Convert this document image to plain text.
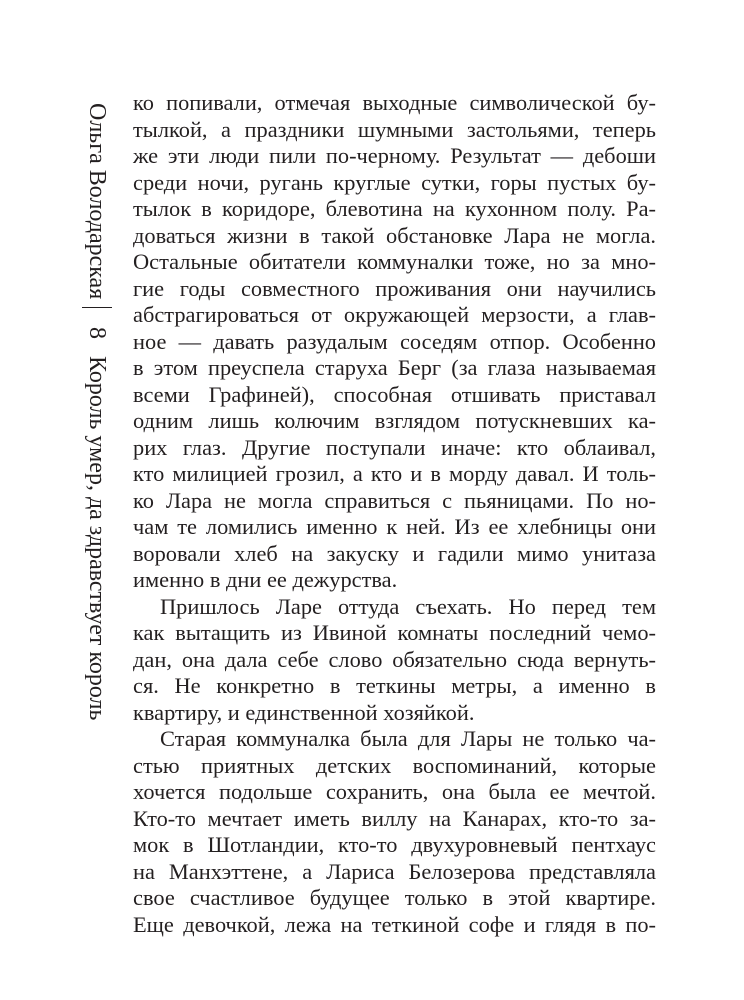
Ольга Володарская
8
Король умер, да здравствует король
ко попивали, отмечая выходные символической бу-
тылкой, а праздники шумными застольями, теперь
же эти люди пили по-черному. Результат — дебоши
среди ночи, ругань круглые сутки, горы пустых бу-
тылок в коридоре, блевотина на кухонном полу. Ра-
доваться жизни в такой обстановке Лара не могла.
Остальные обитатели коммуналки тоже, но за мно-
гие годы совместного проживания они научились
абстрагироваться от окружающей мерзости, а глав-
ное — давать разудалым соседям отпор. Особенно
в этом преуспела старуха Берг (за глаза называемая
всеми Графиней), способная отшивать приставал
одним лишь колючим взглядом потускневших ка-
рих глаз. Другие поступали иначе: кто облаивал,
кто милицией грозил, а кто и в морду давал. И толь-
ко Лара не могла справиться с пьяницами. По но-
чам те ломились именно к ней. Из ее хлебницы они
воровали хлеб на закуску и гадили мимо унитаза
именно в дни ее дежурства.
Пришлось Ларе оттуда съехать. Но перед тем
как вытащить из Ивиной комнаты последний чемо-
дан, она дала себе слово обязательно сюда вернуть-
ся. Не конкретно в теткины метры, а именно в
квартиру, и единственной хозяйкой.
Старая коммуналка была для Лары не только ча-
стью приятных детских воспоминаний, которые
хочется подольше сохранить, она была ее мечтой.
Кто-то мечтает иметь виллу на Канарах, кто-то за-
мок в Шотландии, кто-то двухуровневый пентхаус
на Манхэттене, а Лариса Белозерова представляла
свое счастливое будущее только в этой квартире.
Еще девочкой, лежа на теткиной софе и глядя в по-
